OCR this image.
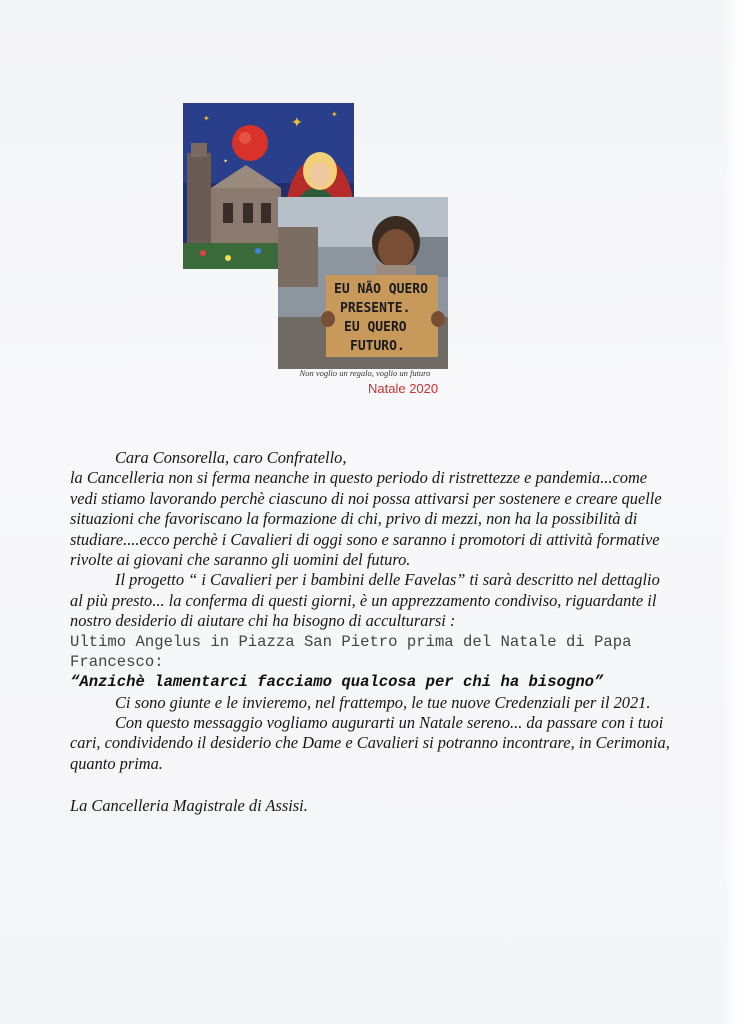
✦
✦	✦
✦
EU NÃO QUERO
PRESENTE.
EU QUERO
FUTURO.
Non voglio un regalo, voglio un futuro
Natale 2020

Cara Consorella, caro Confratello,

la Cancelleria non si ferma neanche in questo periodo di ristrettezze e pandemia...come vedi stiamo lavorando perchè ciascuno di noi possa attivarsi per sostenere e creare quelle situazioni che favoriscano la formazione di chi, privo di mezzi, non ha la possibilità di studiare....ecco perchè i Cavalieri di oggi sono e saranno i promotori di attività formative rivolte ai giovani che saranno gli uomini del futuro.

Il progetto “ i Cavalieri per i bambini delle Favelas” ti sarà descritto nel dettaglio al più presto... la conferma di questi giorni, è un apprezzamento condiviso, riguardante il nostro desiderio di aiutare chi ha bisogno di acculturarsi :

Ultimo Angelus in Piazza San Pietro prima del Natale di Papa Francesco:

“Anzichè lamentarci facciamo qualcosa per chi ha bisogno”

Ci sono giunte e le invieremo, nel frattempo, le tue nuove Credenziali per il 2021.

Con questo messaggio vogliamo augurarti un Natale sereno... da passare con i tuoi cari, condividendo il desiderio che Dame e Cavalieri si potranno incontrare, in Cerimonia, quanto prima.

La Cancelleria Magistrale di Assisi.
